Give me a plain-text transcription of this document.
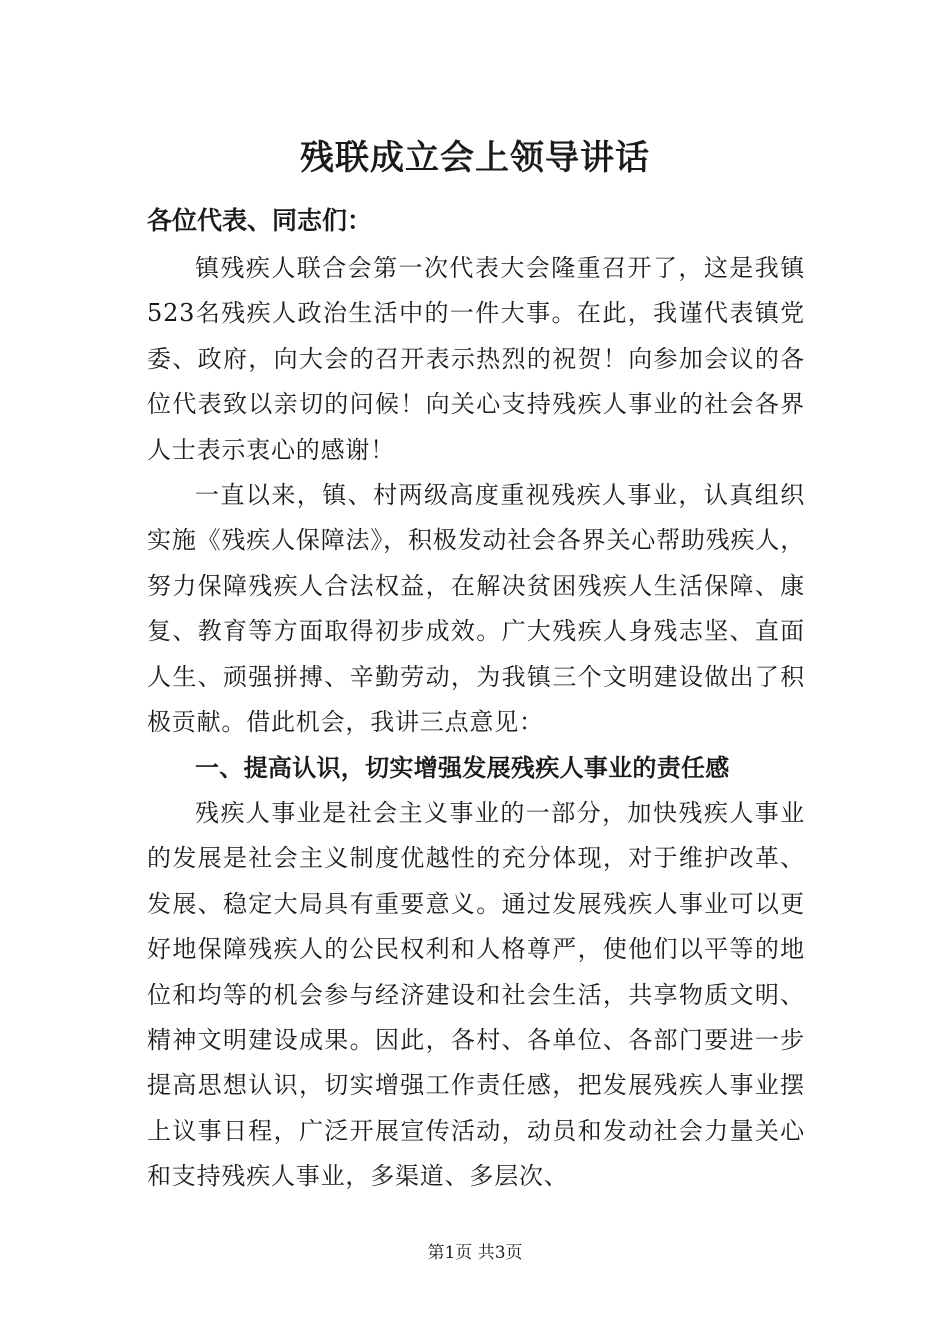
残联成立会上领导讲话
各位代表、同志们：

镇残疾人联合会第一次代表大会隆重召开了，这是我镇523名残疾人政治生活中的一件大事。在此，我谨代表镇党委、政府，向大会的召开表示热烈的祝贺！向参加会议的各位代表致以亲切的问候！向关心支持残疾人事业的社会各界人士表示衷心的感谢！

一直以来，镇、村两级高度重视残疾人事业，认真组织实施《残疾人保障法》，积极发动社会各界关心帮助残疾人，努力保障残疾人合法权益，在解决贫困残疾人生活保障、康复、教育等方面取得初步成效。广大残疾人身残志坚、直面人生、顽强拼搏、辛勤劳动，为我镇三个文明建设做出了积极贡献。借此机会，我讲三点意见：

一、提高认识，切实增强发展残疾人事业的责任感

残疾人事业是社会主义事业的一部分，加快残疾人事业的发展是社会主义制度优越性的充分体现，对于维护改革、发展、稳定大局具有重要意义。通过发展残疾人事业可以更好地保障残疾人的公民权利和人格尊严，使他们以平等的地位和均等的机会参与经济建设和社会生活，共享物质文明、精神文明建设成果。因此，各村、各单位、各部门要进一步提高思想认识，切实增强工作责任感，把发展残疾人事业摆上议事日程，广泛开展宣传活动，动员和发动社会力量关心和支持残疾人事业，多渠道、多层次、

第1页 共3页
